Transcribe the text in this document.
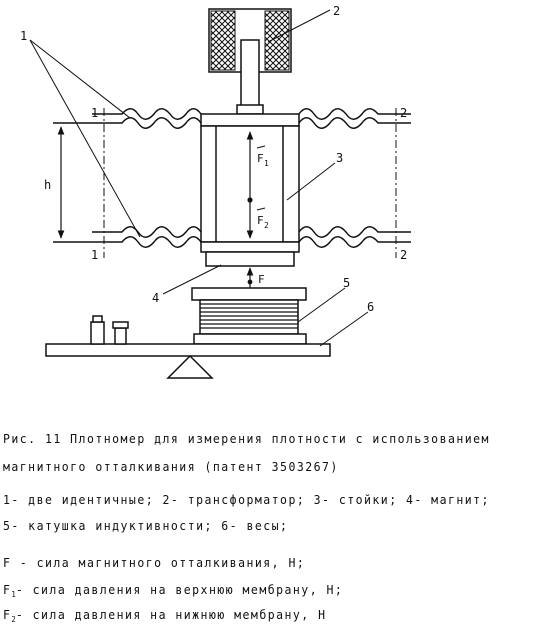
F 1
F 2
F
h
1
2
1	2
1	2
3
4
5
6
Рис. 11 Плотномер для измерения плотности с использованием
магнитного отталкивания (патент 3503267)
1- две идентичные; 2- трансформатор; 3- стойки; 4- магнит;
5- катушка индуктивности; 6- весы;
F - сила магнитного отталкивания, Н;
$F_1-$ сила давления на верхнюю мембрану, Н;
$F_2-$ сила давления на нижнюю мембрану, Н
